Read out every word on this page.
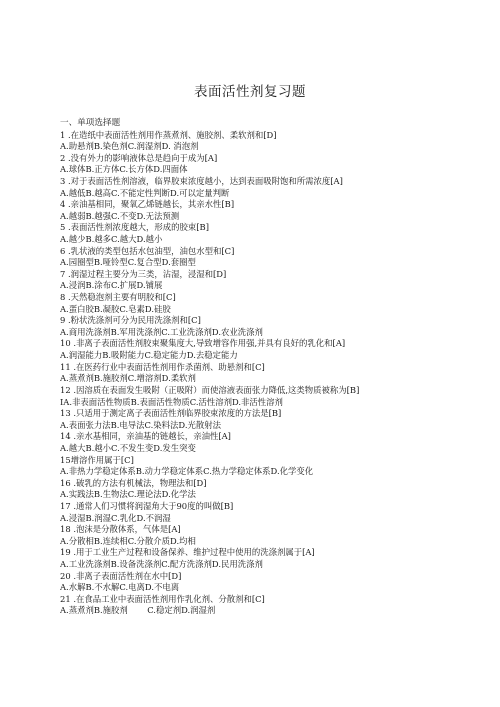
表面活性剂复习题
一、单项选择题
1 .在造纸中表面活性剂用作蒸煮剂、施胶剂、柔软剂和[D]
A.助悬剂B.染色剂C.润湿剂D. 消泡剂
2 .没有外力的影响液体总是趋向于成为[A]
A.球体B.正方体C.长方体D.四面体
3 .对于表面活性剂溶液，临界胶束浓度越小，达到表面吸附饱和所需浓度[A]
A.越低B.越高C.不能定性判断D.可以定量判断
4 .亲油基相同，聚氧乙烯链越长，其亲水性[B]
A.越弱B.越强C.不变D.无法预测
5 .表面活性剂浓度越大，形成的胶束[B]
A.越少B.越多C.越大D.越小
6 .乳状液的类型包括水包油型，油包水型和[C]
A.园圈型B.哑铃型C.复合型D.套圈型
7 .润湿过程主要分为三类，沾湿，浸湿和[D]
A.浸润B.涂布C.扩展D.铺展
8 .天然稳泡剂主要有明胶和[C]
A.蛋白胶B.凝胶C.皂素D.硅胶
9 .粉状洗涤剂可分为民用洗涤剂和[C]
A.商用洗涤剂B.军用洗涤剂C.工业洗涤剂D.农业洗涤剂
10 .非离子表面活性剂胶束聚集度大,导致增容作用强,并具有良好的乳化和[A]
A.润湿能力B.吸附能力C.稳定能力D.去稳定能力
11 .在医药行业中表面活性剂用作杀菌剂、助悬剂和[C]
A.蒸煮剂B.施胶剂C.增溶剂D.柔软剂
12 .因溶质在表面发生吸附（正吸附）而使溶液表面张力降低,这类物质被称为[B]
IA.非表面活性物质B.表面活性物质C.活性溶剂D.非活性溶剂
13 .只适用于测定离子表面活性剂临界胶束浓度的方法是[B]
A.表面张力法B.电导法C.染料法D.光散射法
14 .亲水基相同，亲油基的链越长，亲油性[A]
A.越大B.越小C.不发生变D.发生突变
15增溶作用属于[C]
A.非热力学稳定体系B.动力学稳定体系C.热力学稳定体系D.化学变化
16 .破乳的方法有机械法，物理法和[D]
A.实践法B.生物法C.理论法D.化学法
17 .通常人们习惯将润湿角大于90度的叫做[B]
A.浸湿B.润湿C.乳化D.不润湿
18 .泡沫是分散体系，气体是[A]
A.分散相B.连续相C.分散介质D.均相
19 .用于工业生产过程和设备保养、维护过程中使用的洗涤剂属于[A]
A.工业洗涤剂B.设备洗涤剂C.配方洗涤剂D.民用洗涤剂
20 .非离子表面活性剂在水中[D]
A.水解B.不水解C.电离D.不电离
21 .在食品工业中表面活性剂用作乳化剂、分散剂和[C]
A.蒸煮剂B.施胶剂　　 C.稳定剂D.润湿剂
